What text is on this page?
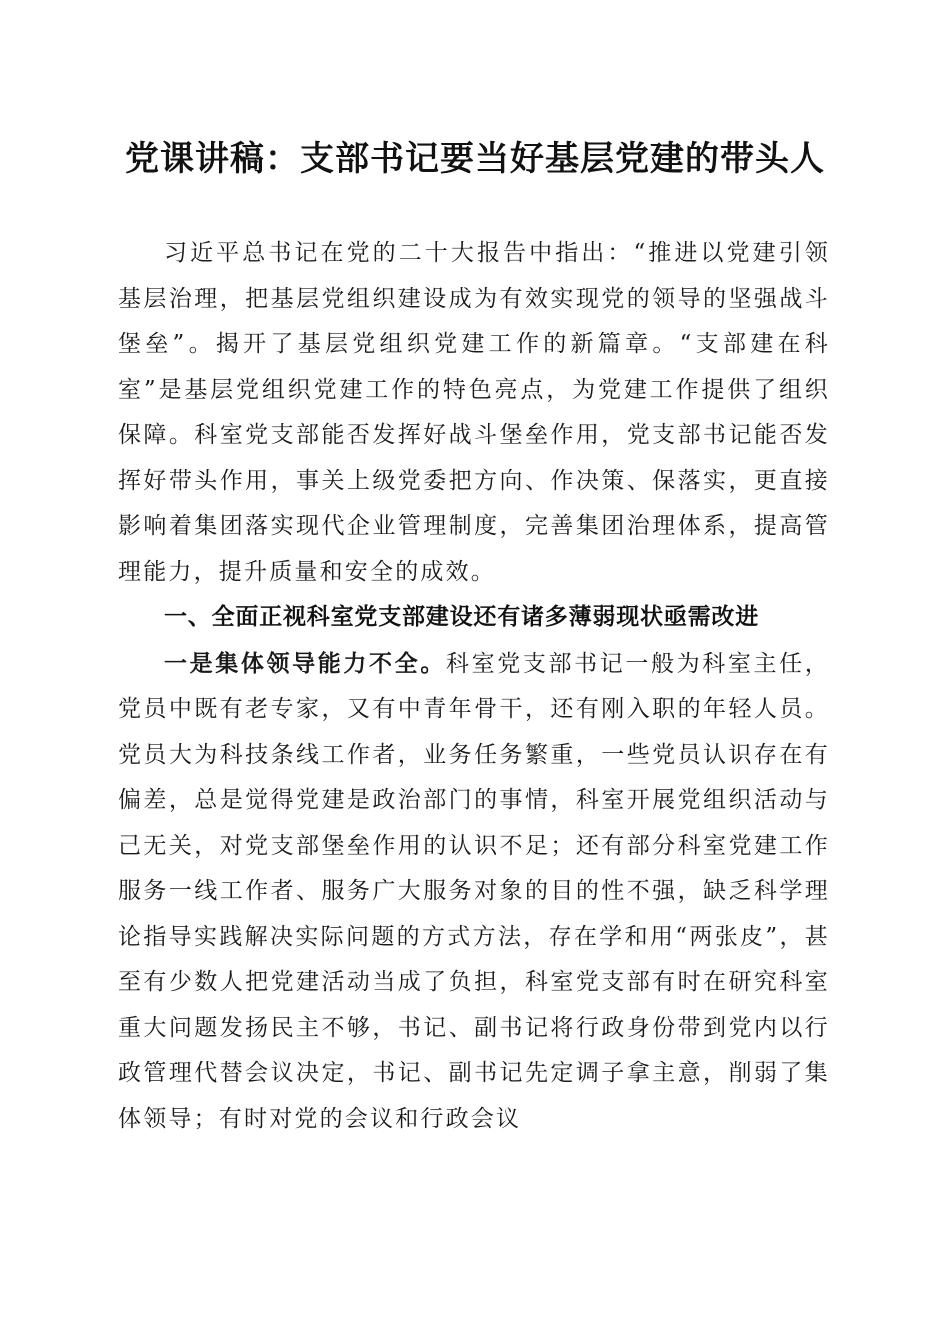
党课讲稿：支部书记要当好基层党建的带头人

习近平总书记在党的二十大报告中指出：“推进以党建引领基层治理，把基层党组织建设成为有效实现党的领导的坚强战斗堡垒”。揭开了基层党组织党建工作的新篇章。“支部建在科室”是基层党组织党建工作的特色亮点，为党建工作提供了组织保障。科室党支部能否发挥好战斗堡垒作用，党支部书记能否发挥好带头作用，事关上级党委把方向、作决策、保落实，更直接影响着集团落实现代企业管理制度，完善集团治理体系，提高管理能力，提升质量和安全的成效。

一、全面正视科室党支部建设还有诸多薄弱现状亟需改进

一是集体领导能力不全。科室党支部书记一般为科室主任，党员中既有老专家，又有中青年骨干，还有刚入职的年轻人员。党员大为科技条线工作者，业务任务繁重，一些党员认识存在有偏差，总是觉得党建是政治部门的事情，科室开展党组织活动与己无关，对党支部堡垒作用的认识不足；还有部分科室党建工作服务一线工作者、服务广大服务对象的目的性不强，缺乏科学理论指导实践解决实际问题的方式方法，存在学和用“两张皮”，甚至有少数人把党建活动当成了负担，科室党支部有时在研究科室重大问题发扬民主不够，书记、副书记将行政身份带到党内以行政管理代替会议决定，书记、副书记先定调子拿主意，削弱了集体领导；有时对党的会议和行政会议
